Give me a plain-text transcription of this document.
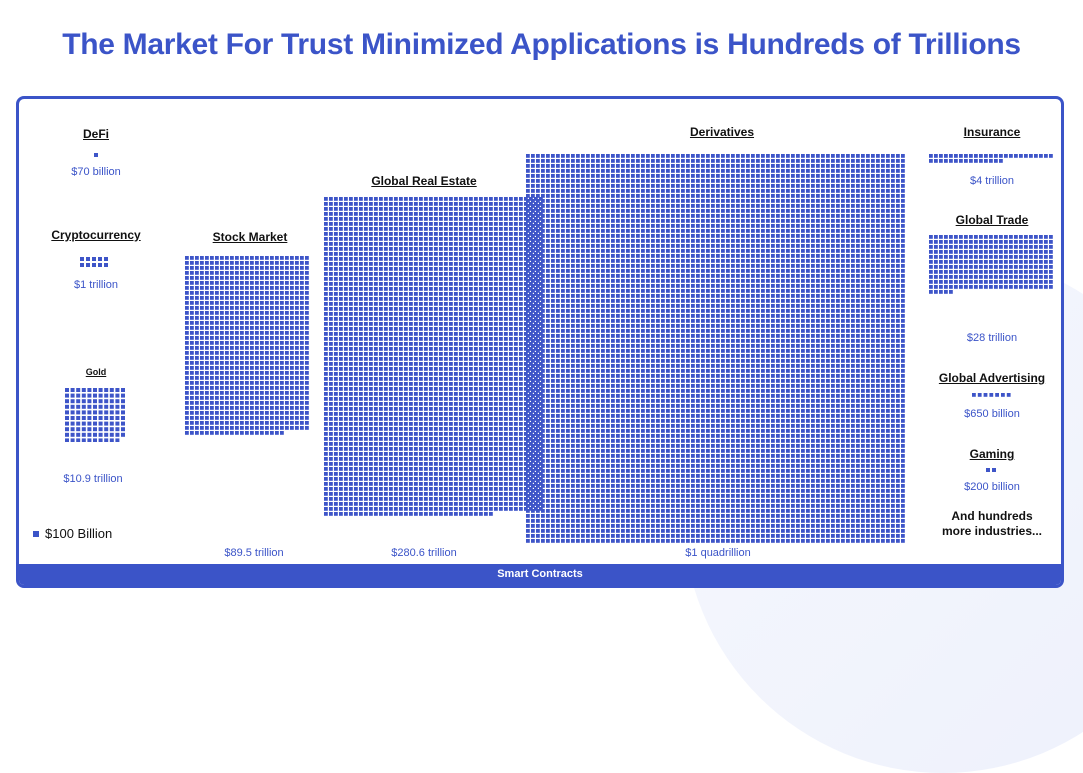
The Market For Trust Minimized Applications is Hundreds of Trillions
DeFi
Cryptocurrency
Gold
Stock Market
Global Real Estate
Derivatives	Insurance
Global Trade
Global Advertising
Gaming
$70 billion
$1 trillion
$10.9 trillion
$89.5 trillion	$280.6 trillion	$1 quadrillion
$4 trillion
$28 trillion
$650 billion
$200 billion
$100 Billion
And hundreds
more industries...
Smart Contracts
